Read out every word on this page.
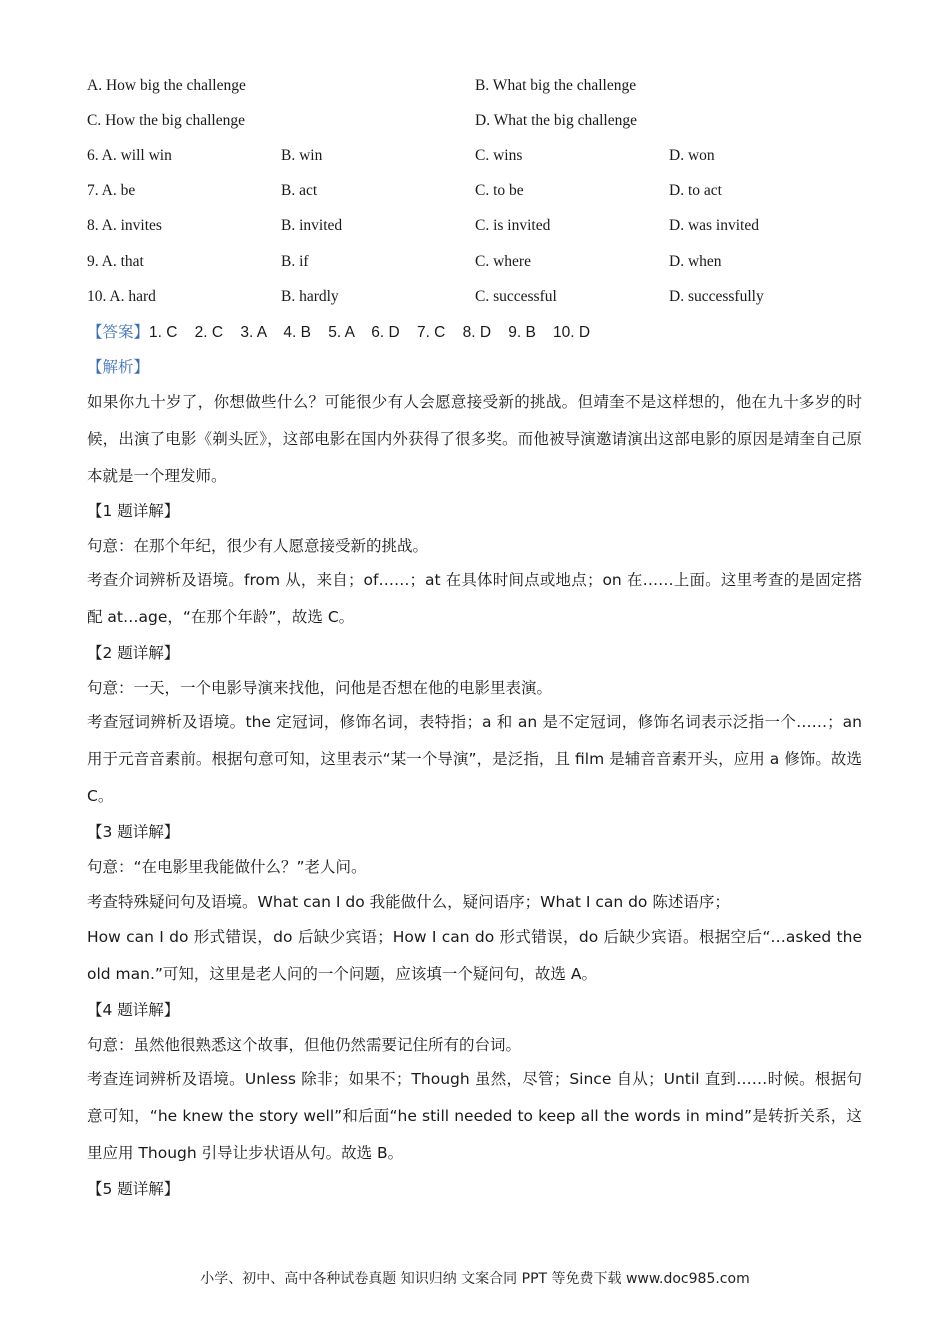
A. How big the challenge	B. What big the challenge
C. How the big challenge	D. What the big challenge
6. A. will win	B. win	C. wins	D. won
7. A. be	B. act	C. to be	D. to act
8. A. invites	B. invited	C. is invited	D. was invited
9. A. that	B. if	C. where	D. when
10. A. hard	B. hardly	C. successful	D. successfully
【答案】1. C    2. C    3. A    4. B    5. A    6. D    7. C    8. D    9. B    10. D
【解析】
如果你九十岁了，你想做些什么？可能很少有人会愿意接受新的挑战。但靖奎不是这样想的，他在九十多岁的时候，出演了电影《剃头匠》，这部电影在国内外获得了很多奖。而他被导演邀请演出这部电影的原因是靖奎自己原本就是一个理发师。
【1 题详解】
句意：在那个年纪，很少有人愿意接受新的挑战。
考查介词辨析及语境。from 从，来自；of……；at 在具体时间点或地点；on 在……上面。这里考查的是固定搭配 at…age，“在那个年龄”，故选 C。
【2 题详解】
句意：一天，一个电影导演来找他，问他是否想在他的电影里表演。
考查冠词辨析及语境。the 定冠词，修饰名词，表特指；a 和 an 是不定冠词，修饰名词表示泛指一个……；an 用于元音音素前。根据句意可知，这里表示“某一个导演”，是泛指，且 film 是辅音音素开头，应用 a 修饰。故选 C。
【3 题详解】
句意：“在电影里我能做什么？”老人问。
考查特殊疑问句及语境。What can I do 我能做什么，疑问语序；What I can do 陈述语序；
How can I do 形式错误，do 后缺少宾语；How I can do 形式错误，do 后缺少宾语。根据空后“…asked the old man.”可知，这里是老人问的一个问题，应该填一个疑问句，故选 A。
【4 题详解】
句意：虽然他很熟悉这个故事，但他仍然需要记住所有的台词。
考查连词辨析及语境。Unless 除非；如果不；Though 虽然，尽管；Since 自从；Until 直到……时候。根据句意可知，“he knew the story well”和后面“he still needed to keep all the words in mind”是转折关系，这里应用 Though 引导让步状语从句。故选 B。
【5 题详解】
小学、初中、高中各种试卷真题 知识归纳 文案合同 PPT 等免费下载 www.doc985.com
